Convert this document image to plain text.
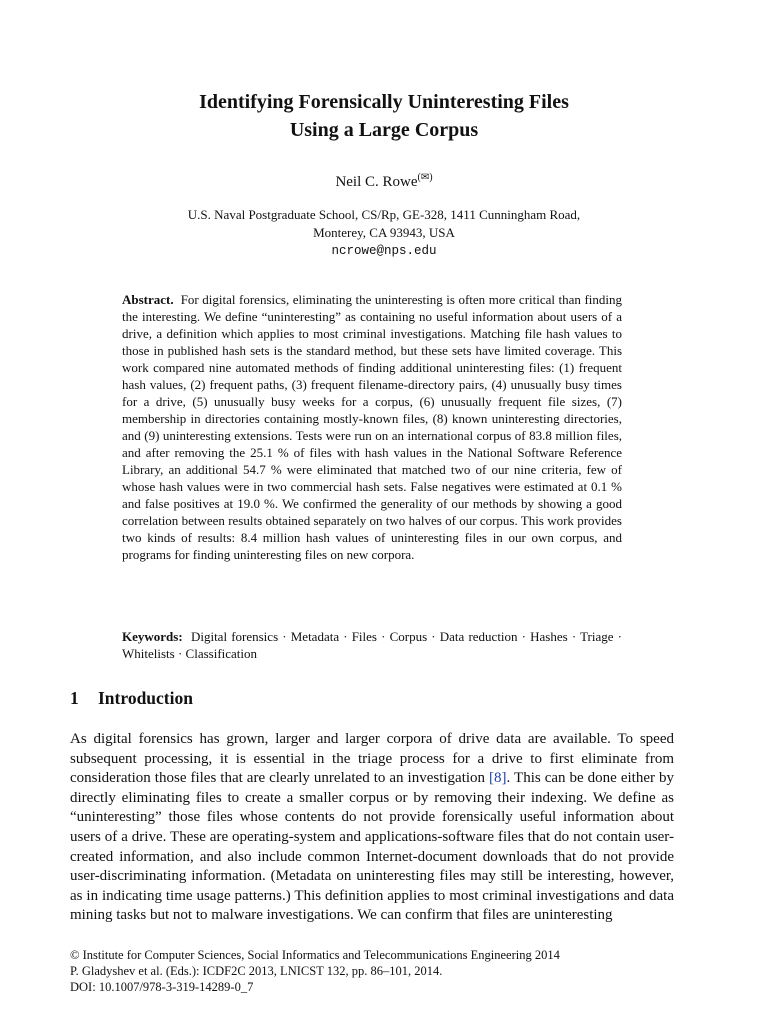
Identifying Forensically Uninteresting Files
Using a Large Corpus
Neil C. Rowe(✉)
U.S. Naval Postgraduate School, CS/Rp, GE-328, 1411 Cunningham Road,
Monterey, CA 93943, USA
ncrowe@nps.edu
Abstract. For digital forensics, eliminating the uninteresting is often more critical than finding the interesting. We define “uninteresting” as containing no useful information about users of a drive, a definition which applies to most criminal investigations. Matching file hash values to those in published hash sets is the standard method, but these sets have limited coverage. This work compared nine automated methods of finding additional uninteresting files: (1) frequent hash values, (2) frequent paths, (3) frequent filename-directory pairs, (4) unusually busy times for a drive, (5) unusually busy weeks for a corpus, (6) unusually frequent file sizes, (7) membership in directories containing mostly-known files, (8) known uninteresting directories, and (9) uninteresting extensions. Tests were run on an international corpus of 83.8 million files, and after removing the 25.1 % of files with hash values in the National Software Reference Library, an additional 54.7 % were eliminated that matched two of our nine criteria, few of whose hash values were in two commercial hash sets. False negatives were estimated at 0.1 % and false positives at 19.0 %. We confirmed the generality of our methods by showing a good correlation between results obtained separately on two halves of our corpus. This work provides two kinds of results: 8.4 million hash values of uninteresting files in our own corpus, and programs for finding uninteresting files on new corpora.
Keywords: Digital forensics · Metadata · Files · Corpus · Data reduction · Hashes · Triage · Whitelists · Classification
1 Introduction
As digital forensics has grown, larger and larger corpora of drive data are available. To speed subsequent processing, it is essential in the triage process for a drive to first eliminate from consideration those files that are clearly unrelated to an investigation [8]. This can be done either by directly eliminating files to create a smaller corpus or by removing their indexing. We define as “uninteresting” those files whose contents do not provide forensically useful information about users of a drive. These are operating-system and applications-software files that do not contain user-created information, and also include common Internet-document downloads that do not provide user-discriminating information. (Metadata on uninteresting files may still be interesting, however, as in indicating time usage patterns.) This definition applies to most criminal investigations and data mining tasks but not to malware investigations. We can confirm that files are uninteresting
© Institute for Computer Sciences, Social Informatics and Telecommunications Engineering 2014
P. Gladyshev et al. (Eds.): ICDF2C 2013, LNICST 132, pp. 86–101, 2014.
DOI: 10.1007/978-3-319-14289-0_7
